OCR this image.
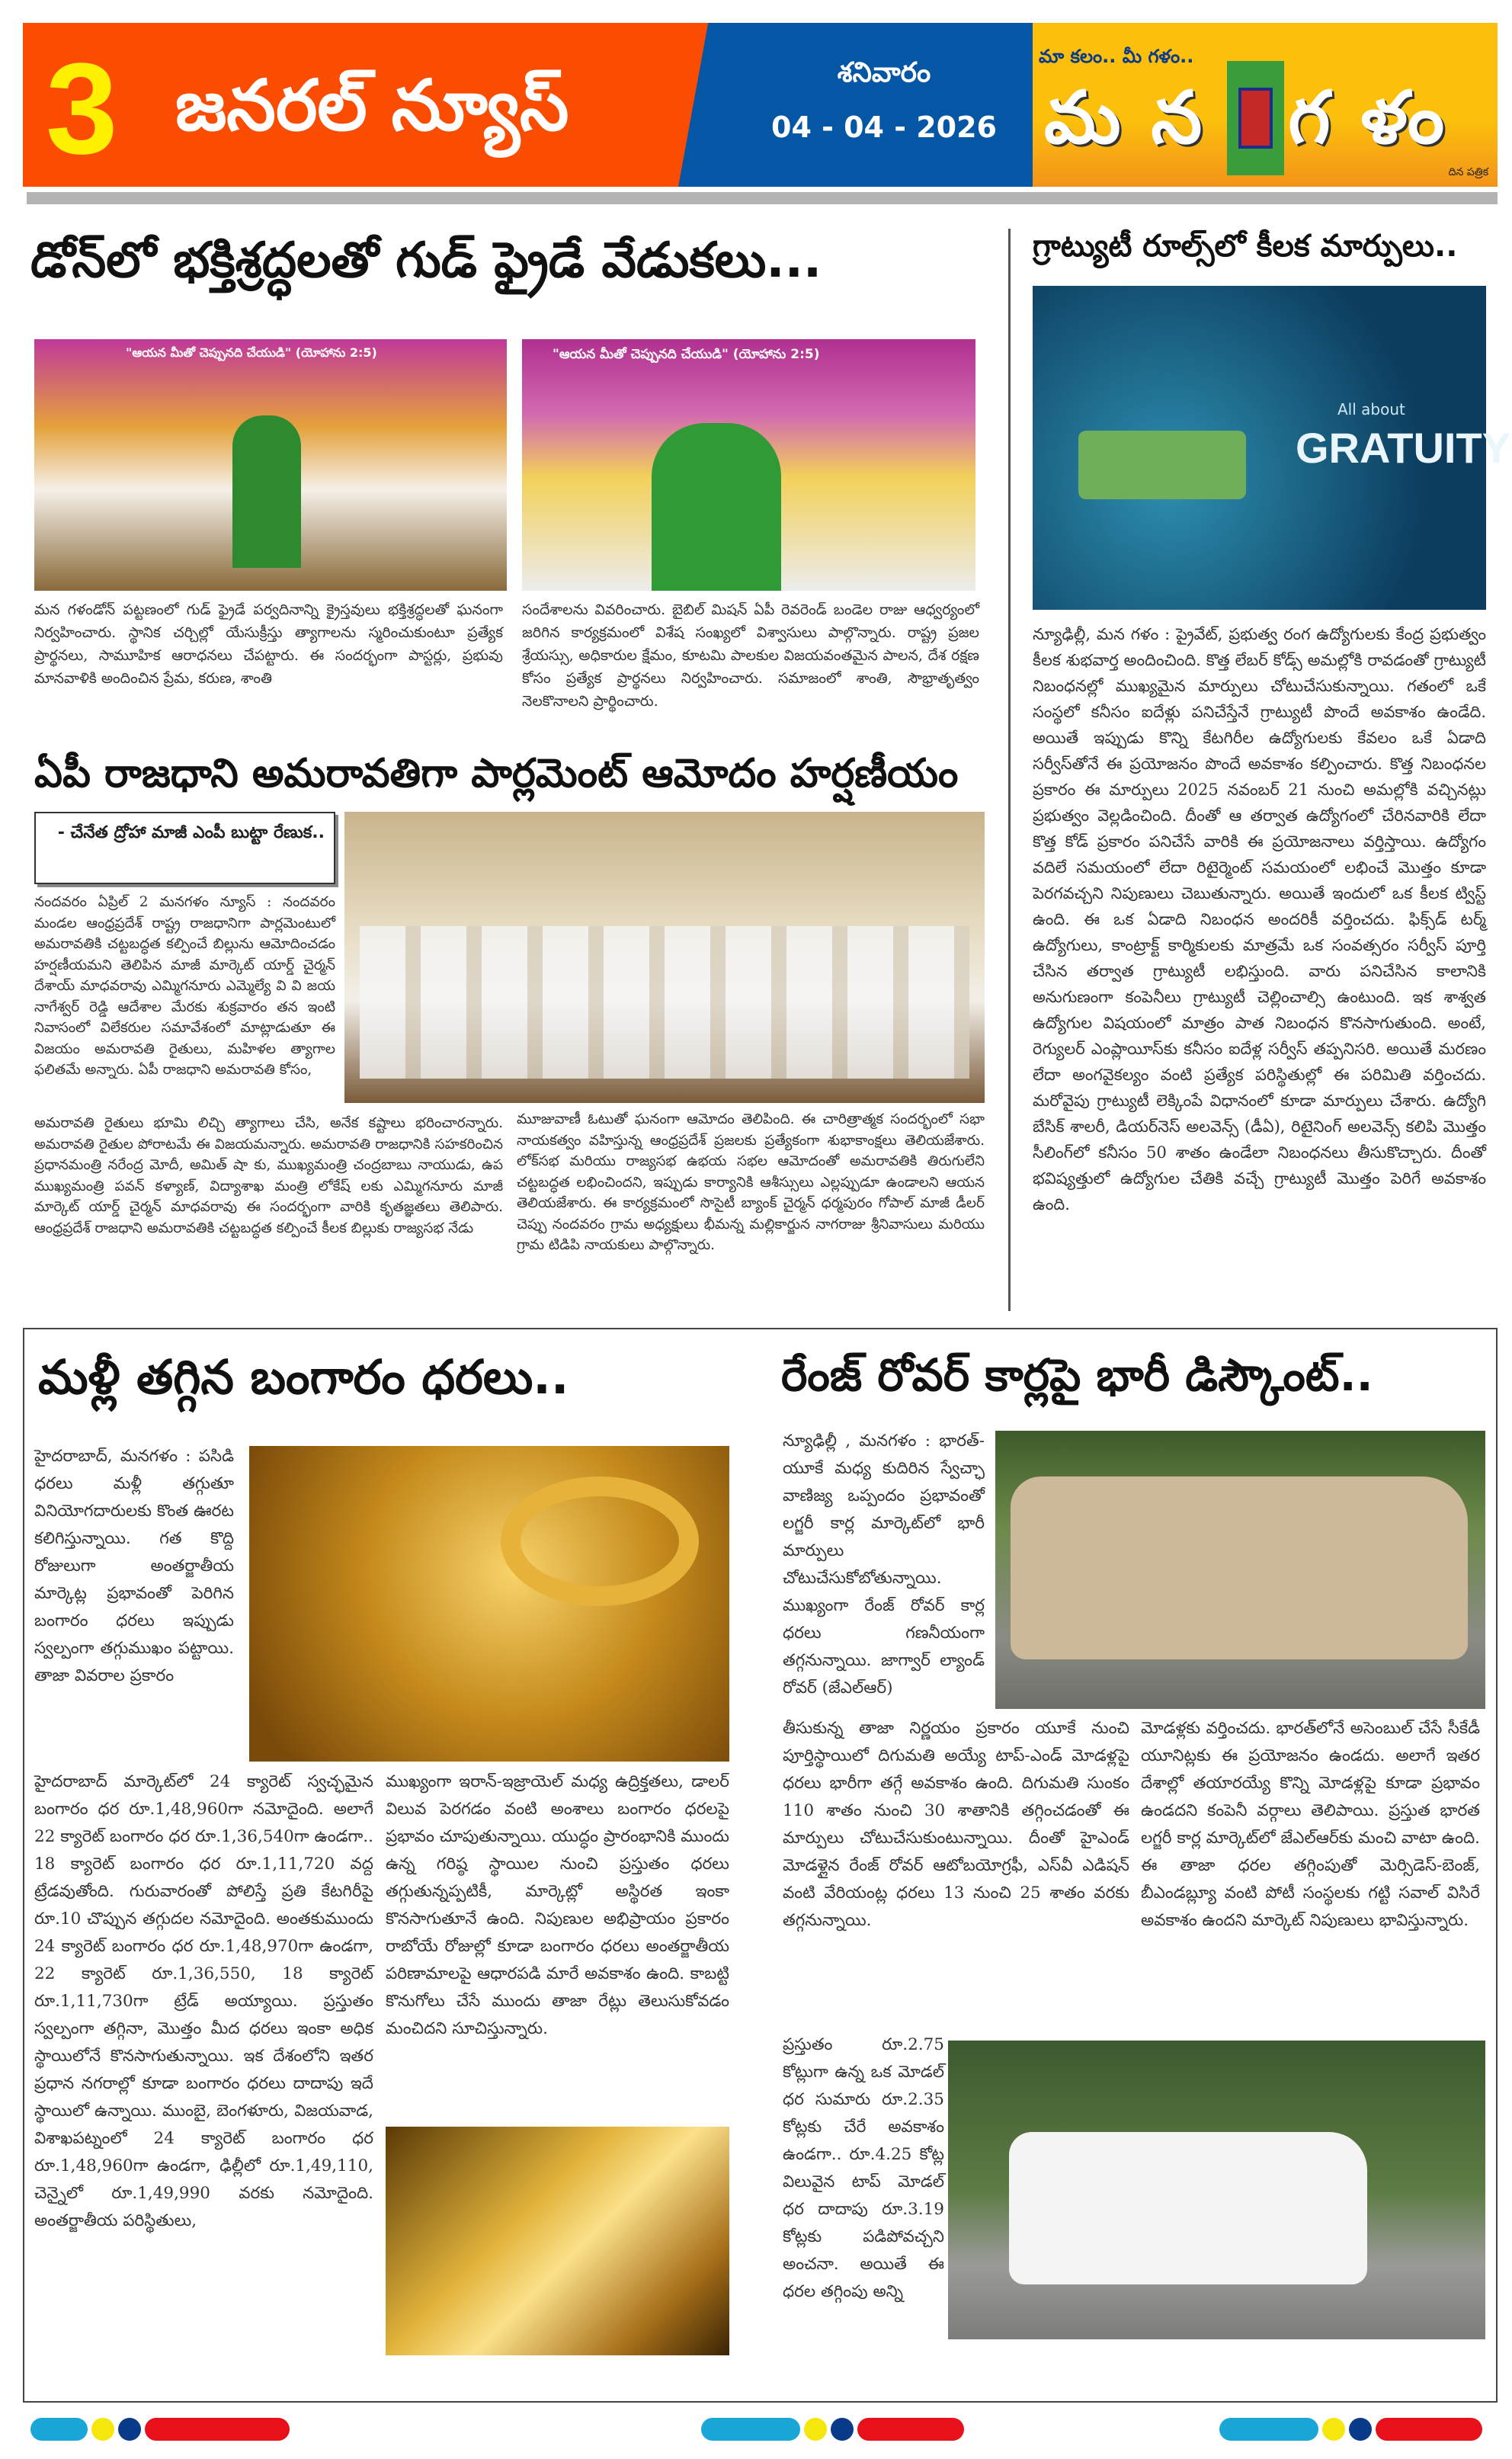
3 జనరల్ న్యూస్	శనివారం
04 - 04 - 2026
మా కలం.. మీ గళం..
మన గళం
దిన పత్రిక
డోన్‌లో భక్తిశ్రద్ధలతో గుడ్ ఫ్రైడే వేడుకలు...
"ఆయన మీతో చెప్పునది చేయుడి" (యోహాను 2:5)	"ఆయన మీతో చెప్పునది చేయుడి" (యోహాను 2:5)
మన గళండోన్ పట్టణంలో గుడ్ ఫ్రైడే పర్వదినాన్ని క్రైస్తవులు భక్తిశ్రద్ధలతో ఘనంగా నిర్వహించారు. స్థానిక చర్చిల్లో యేసుక్రీస్తు త్యాగాలను స్మరించుకుంటూ ప్రత్యేక ప్రార్థనలు, సామూహిక ఆరాధనలు చేపట్టారు. ఈ సందర్భంగా పాస్టర్లు, ప్రభువు మానవాళికి అందించిన ప్రేమ, కరుణ, శాంతి
సందేశాలను వివరించారు. బైబిల్ మిషన్ ఏపీ రెవరెండ్ బండెల రాజు ఆధ్వర్యంలో జరిగిన కార్యక్రమంలో విశేష సంఖ్యలో విశ్వాసులు పాల్గొన్నారు. రాష్ట్ర ప్రజల శ్రేయస్సు, అధికారుల క్షేమం, కూటమి పాలకుల విజయవంతమైన పాలన, దేశ రక్షణ కోసం ప్రత్యేక ప్రార్థనలు నిర్వహించారు. సమాజంలో శాంతి, సౌభ్రాతృత్వం నెలకొనాలని ప్రార్థించారు.
గ్రాట్యుటీ రూల్స్‌లో కీలక మార్పులు..
All about
GRATUITY
న్యూఢిల్లీ, మన గళం : ప్రైవేట్, ప్రభుత్వ రంగ ఉద్యోగులకు కేంద్ర ప్రభుత్వం కీలక శుభవార్త అందించింది. కొత్త లేబర్ కోడ్స్ అమల్లోకి రావడంతో గ్రాట్యుటీ నిబంధనల్లో ముఖ్యమైన మార్పులు చోటుచేసుకున్నాయి. గతంలో ఒకే సంస్థలో కనీసం ఐదేళ్లు పనిచేస్తేనే గ్రాట్యుటీ పొందే అవకాశం ఉండేది. అయితే ఇప్పుడు కొన్ని కేటగిరీల ఉద్యోగులకు కేవలం ఒకే ఏడాది సర్వీస్‌తోనే ఈ ప్రయోజనం పొందే అవకాశం కల్పించారు. కొత్త నిబంధనల ప్రకారం ఈ మార్పులు 2025 నవంబర్ 21 నుంచి అమల్లోకి వచ్చినట్లు ప్రభుత్వం వెల్లడించింది. దీంతో ఆ తర్వాత ఉద్యోగంలో చేరినవారికి లేదా కొత్త కోడ్ ప్రకారం పనిచేసే వారికి ఈ ప్రయోజనాలు వర్తిస్తాయి. ఉద్యోగం వదిలే సమయంలో లేదా రిటైర్మెంట్ సమయంలో లభించే మొత్తం కూడా పెరగవచ్చని నిపుణులు చెబుతున్నారు. అయితే ఇందులో ఒక కీలక ట్విస్ట్ ఉంది. ఈ ఒక ఏడాది నిబంధన అందరికీ వర్తించదు. ఫిక్స్‌డ్ టర్మ్ ఉద్యోగులు, కాంట్రాక్ట్ కార్మికులకు మాత్రమే ఒక సంవత్సరం సర్వీస్ పూర్తి చేసిన తర్వాత గ్రాట్యుటీ లభిస్తుంది. వారు పనిచేసిన కాలానికి అనుగుణంగా కంపెనీలు గ్రాట్యుటీ చెల్లించాల్సి ఉంటుంది. ఇక శాశ్వత ఉద్యోగుల విషయంలో మాత్రం పాత నిబంధన కొనసాగుతుంది. అంటే, రెగ్యులర్ ఎంప్లాయీస్‌కు కనీసం ఐదేళ్ల సర్వీస్ తప్పనిసరి. అయితే మరణం లేదా అంగవైకల్యం వంటి ప్రత్యేక పరిస్థితుల్లో ఈ పరిమితి వర్తించదు. మరోవైపు గ్రాట్యుటీ లెక్కింపే విధానంలో కూడా మార్పులు చేశారు. ఉద్యోగి బేసిక్ శాలరీ, డియర్‌నెస్ అలవెన్స్ (డీఏ), రిటైనింగ్ అలవెన్స్ కలిపి మొత్తం సీలింగ్‌లో కనీసం 50 శాతం ఉండేలా నిబంధనలు తీసుకొచ్చారు. దీంతో భవిష్యత్తులో ఉద్యోగుల చేతికి వచ్చే గ్రాట్యుటీ మొత్తం పెరిగే అవకాశం ఉంది.
ఏపీ రాజధాని అమరావతిగా పార్లమెంట్ ఆమోదం హర్షణీయం
- చేనేత ద్రోహా మాజీ ఎంపీ బుట్టా రేణుక..
నందవరం ఏప్రిల్ 2 మనగళం న్యూస్ : నందవరం మండల ఆంధ్రప్రదేశ్ రాష్ట్ర రాజధానిగా పార్లమెంటులో అమరావతికి చట్టబద్ధత కల్పించే బిల్లును ఆమోదించడం హర్షణీయమని తెలిపిన మాజీ మార్కెట్ యార్డ్ చైర్మన్ దేశాయ్ మాధవరావు ఎమ్మిగనూరు ఎమ్మెల్యే వి వి జయ నాగేశ్వర్ రెడ్డి ఆదేశాల మేరకు శుక్రవారం తన ఇంటి నివాసంలో విలేకరుల సమావేశంలో మాట్లాడుతూ ఈ విజయం అమరావతి రైతులు, మహిళల త్యాగాల ఫలితమే అన్నారు. ఏపీ రాజధాని అమరావతి కోసం,
అమరావతి రైతులు భూమి లిచ్చి త్యాగాలు చేసి, అనేక కష్టాలు భరించారన్నారు. అమరావతి రైతుల పోరాటమే ఈ విజయమన్నారు. అమరావతి రాజధానికి సహకరించిన ప్రధానమంత్రి నరేంద్ర మోదీ, అమిత్ షా కు, ముఖ్యమంత్రి చంద్రబాబు నాయుడు, ఉప ముఖ్యమంత్రి పవన్ కళ్యాణ్, విద్యాశాఖ మంత్రి లోకేష్ లకు ఎమ్మిగనూరు మాజీ మార్కెట్ యార్డ్ చైర్మన్ మాధవరావు ఈ సందర్భంగా వారికి కృతజ్ఞతలు తెలిపారు. ఆంధ్రప్రదేశ్ రాజధాని అమరావతికి చట్టబద్ధత కల్పించే కీలక బిల్లుకు రాజ్యసభ నేడు
మూజువాణీ ఓటుతో ఘనంగా ఆమోదం తెలిపింది. ఈ చారిత్రాత్మక సందర్భంలో సభా నాయకత్వం వహిస్తున్న ఆంధ్రప్రదేశ్ ప్రజలకు ప్రత్యేకంగా శుభాకాంక్షలు తెలియజేశారు. లోక్‌సభ మరియు రాజ్యసభ ఉభయ సభల ఆమోదంతో అమరావతికి తిరుగులేని చట్టబద్ధత లభించిందని, ఇప్పుడు కార్యానికి ఆశీస్సులు ఎల్లప్పుడూ ఉండాలని ఆయన తెలియజేశారు. ఈ కార్యక్రమంలో సొసైటీ బ్యాంక్ చైర్మన్ ధర్మపురం గోపాల్ మాజీ డీలర్ చెప్పు నందవరం గ్రామ అధ్యక్షులు భీమన్న మల్లికార్జున నాగరాజు శ్రీనివాసులు మరియు గ్రామ టిడిపి నాయకులు పాల్గొన్నారు.
మళ్లీ తగ్గిన బంగారం ధరలు..
హైదరాబాద్, మనగళం : పసిడి ధరలు మళ్లీ తగ్గుతూ వినియోగదారులకు కొంత ఊరట కలిగిస్తున్నాయి. గత కొద్ది రోజులుగా అంతర్జాతీయ మార్కెట్ల ప్రభావంతో పెరిగిన బంగారం ధరలు ఇప్పుడు స్వల్పంగా తగ్గుముఖం పట్టాయి. తాజా వివరాల ప్రకారం
హైదరాబాద్ మార్కెట్‌లో 24 క్యారెట్ స్వచ్ఛమైన బంగారం ధర రూ.1,48,960గా నమోదైంది. అలాగే 22 క్యారెట్ బంగారం ధర రూ.1,36,540గా ఉండగా.. 18 క్యారెట్ బంగారం ధర రూ.1,11,720 వద్ద ట్రేడవుతోంది. గురువారంతో పోలిస్తే ప్రతి కేటగిరీపై రూ.10 చొప్పున తగ్గుదల నమోదైంది. అంతకుముందు 24 క్యారెట్ బంగారం ధర రూ.1,48,970గా ఉండగా, 22 క్యారెట్ రూ.1,36,550, 18 క్యారెట్ రూ.1,11,730గా ట్రేడ్ అయ్యాయి. ప్రస్తుతం స్వల్పంగా తగ్గినా, మొత్తం మీద ధరలు ఇంకా అధిక స్థాయిలోనే కొనసాగుతున్నాయి. ఇక దేశంలోని ఇతర ప్రధాన నగరాల్లో కూడా బంగారం ధరలు దాదాపు ఇదే స్థాయిలో ఉన్నాయి. ముంబై, బెంగళూరు, విజయవాడ, విశాఖపట్నంలో 24 క్యారెట్ బంగారం ధర రూ.1,48,960గా ఉండగా, ఢిల్లీలో రూ.1,49,110, చెన్నైలో రూ.1,49,990 వరకు నమోదైంది. అంతర్జాతీయ పరిస్థితులు,
ముఖ్యంగా ఇరాన్-ఇజ్రాయెల్ మధ్య ఉద్రిక్తతలు, డాలర్ విలువ పెరగడం వంటి అంశాలు బంగారం ధరలపై ప్రభావం చూపుతున్నాయి. యుద్ధం ప్రారంభానికి ముందు ఉన్న గరిష్ఠ స్థాయిల నుంచి ప్రస్తుతం ధరలు తగ్గుతున్నప్పటికీ, మార్కెట్లో అస్థిరత ఇంకా కొనసాగుతూనే ఉంది. నిపుణుల అభిప్రాయం ప్రకారం రాబోయే రోజుల్లో కూడా బంగారం ధరలు అంతర్జాతీయ పరిణామాలపై ఆధారపడి మారే అవకాశం ఉంది. కాబట్టి కొనుగోలు చేసే ముందు తాజా రేట్లు తెలుసుకోవడం మంచిదని సూచిస్తున్నారు.
రేంజ్ రోవర్ కార్లపై భారీ డిస్కౌంట్..
న్యూఢిల్లీ , మనగళం : భారత్-యూకే మధ్య కుదిరిన స్వేచ్ఛా వాణిజ్య ఒప్పందం ప్రభావంతో లగ్జరీ కార్ల మార్కెట్‌లో భారీ మార్పులు చోటుచేసుకోబోతున్నాయి. ముఖ్యంగా రేంజ్ రోవర్ కార్ల ధరలు గణనీయంగా తగ్గనున్నాయి. జాగ్వార్ ల్యాండ్ రోవర్ (జేఎల్ఆర్)
తీసుకున్న తాజా నిర్ణయం ప్రకారం యూకే నుంచి పూర్తిస్థాయిలో దిగుమతి అయ్యే టాప్-ఎండ్ మోడళ్లపై ధరలు భారీగా తగ్గే అవకాశం ఉంది. దిగుమతి సుంకం 110 శాతం నుంచి 30 శాతానికి తగ్గించడంతో ఈ మార్పులు చోటుచేసుకుంటున్నాయి. దీంతో హైఎండ్ మోడళ్లైన రేంజ్ రోవర్ ఆటోబయోగ్రఫీ, ఎస్‌వీ ఎడిషన్ వంటి వేరియంట్ల ధరలు 13 నుంచి 25 శాతం వరకు తగ్గనున్నాయి.
మోడళ్లకు వర్తించదు. భారత్‌లోనే అసెంబుల్ చేసే సీకేడీ యూనిట్లకు ఈ ప్రయోజనం ఉండదు. అలాగే ఇతర దేశాల్లో తయారయ్యే కొన్ని మోడళ్లపై కూడా ప్రభావం ఉండదని కంపెనీ వర్గాలు తెలిపాయి. ప్రస్తుత భారత లగ్జరీ కార్ల మార్కెట్‌లో జేఎల్ఆర్‌కు మంచి వాటా ఉంది. ఈ తాజా ధరల తగ్గింపుతో మెర్సిడెస్-బెంజ్, బీఎండబ్ల్యూ వంటి పోటీ సంస్థలకు గట్టి సవాల్ విసిరే అవకాశం ఉందని మార్కెట్ నిపుణులు భావిస్తున్నారు.
ప్రస్తుతం రూ.2.75 కోట్లుగా ఉన్న ఒక మోడల్ ధర సుమారు రూ.2.35 కోట్లకు చేరే అవకాశం ఉండగా.. రూ.4.25 కోట్ల విలువైన టాప్ మోడల్ ధర దాదాపు రూ.3.19 కోట్లకు పడిపోవచ్చని అంచనా. అయితే ఈ ధరల తగ్గింపు అన్ని
